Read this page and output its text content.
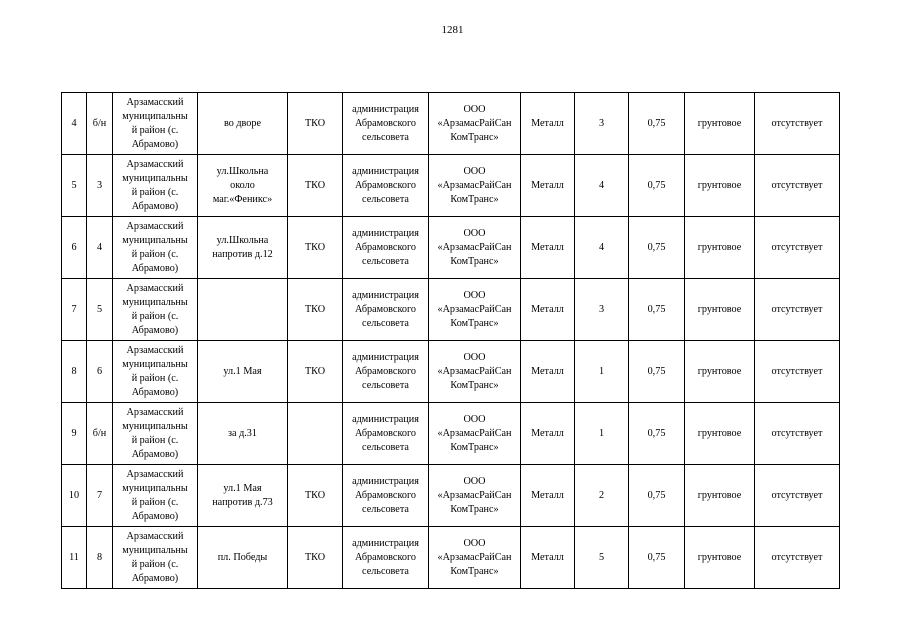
1281
4	б/н	Арзамасский
муниципальны
й район (с.
Абрамово)	во дворе	ТКО	администрация
Абрамовского
сельсовета	ООО
«АрзамасРайСан
КомТранс»	Металл	3	0,75	грунтовое	отсутствует
5	3	Арзамасский
муниципальны
й район (с.
Абрамово)	ул.Школьна
около
маг.«Феникс»	ТКО	администрация
Абрамовского
сельсовета	ООО
«АрзамасРайСан
КомТранс»	Металл	4	0,75	грунтовое	отсутствует
6	4	Арзамасский
муниципальны
й район (с.
Абрамово)	ул.Школьна
напротив д.12	ТКО	администрация
Абрамовского
сельсовета	ООО
«АрзамасРайСан
КомТранс»	Металл	4	0,75	грунтовое	отсутствует
7	5	Арзамасский
муниципальны
й район (с.
Абрамово)		ТКО	администрация
Абрамовского
сельсовета	ООО
«АрзамасРайСан
КомТранс»	Металл	3	0,75	грунтовое	отсутствует
8	6	Арзамасский
муниципальны
й район (с.
Абрамово)	ул.1 Мая	ТКО	администрация
Абрамовского
сельсовета	ООО
«АрзамасРайСан
КомТранс»	Металл	1	0,75	грунтовое	отсутствует
9	б/н	Арзамасский
муниципальны
й район (с.
Абрамово)	за д.31		администрация
Абрамовского
сельсовета	ООО
«АрзамасРайСан
КомТранс»	Металл	1	0,75	грунтовое	отсутствует
10	7	Арзамасский
муниципальны
й район (с.
Абрамово)	ул.1 Мая
напротив д.73	ТКО	администрация
Абрамовского
сельсовета	ООО
«АрзамасРайСан
КомТранс»	Металл	2	0,75	грунтовое	отсутствует
11	8	Арзамасский
муниципальны
й район (с.
Абрамово)	пл. Победы	ТКО	администрация
Абрамовского
сельсовета	ООО
«АрзамасРайСан
КомТранс»	Металл	5	0,75	грунтовое	отсутствует
